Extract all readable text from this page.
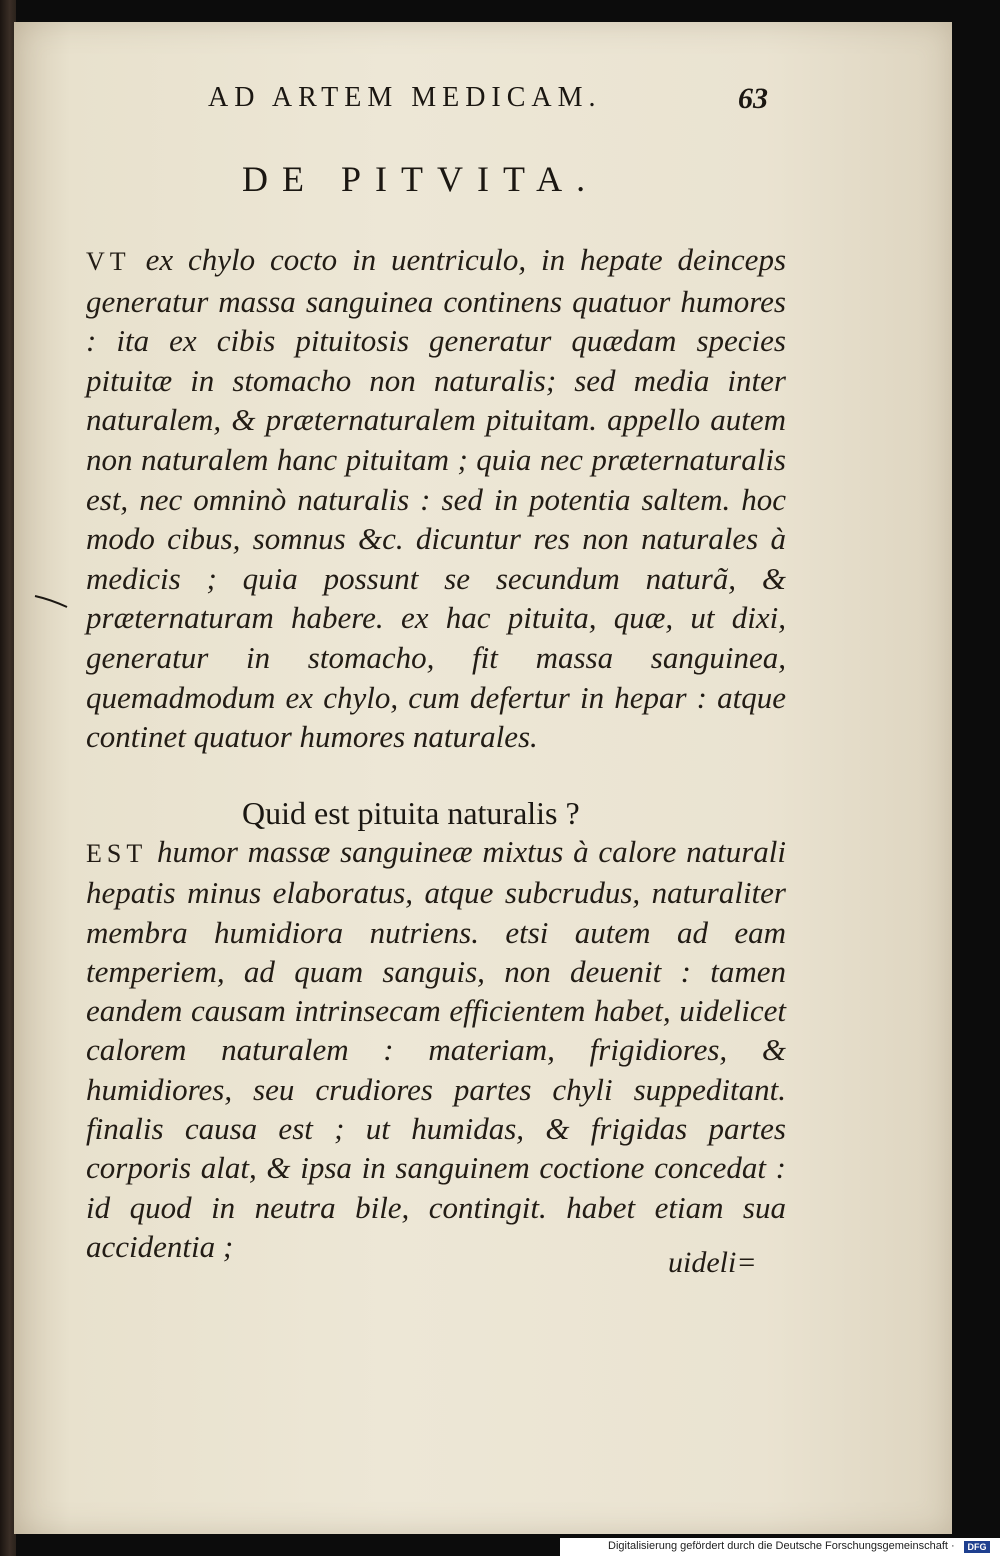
AD ARTEM MEDICAM.	63
DE PITVITA.
VT ex chylo cocto in uentriculo, in hepate deinceps generatur massa sanguinea continens quatuor humores : ita ex cibis pituitosis generatur quædam species pituitæ in stomacho non naturalis; sed media inter naturalem, & præternaturalem pituitam. appello autem non naturalem hanc pituitam ; quia nec præternaturalis est, nec omninò naturalis : sed in potentia saltem. hoc modo cibus, somnus &c. dicuntur res non naturales à medicis ; quia possunt se secundum naturã, & præternaturam habere. ex hac pituita, quæ, ut dixi, generatur in stomacho, fit massa sanguinea, quemadmodum ex chylo, cum defertur in hepar : atque continet quatuor humores naturales.
Quid est pituita naturalis ?
EST humor massæ sanguineæ mixtus à calore naturali hepatis minus elaboratus, atque subcrudus, naturaliter membra humidiora nutriens. etsi autem ad eam temperiem, ad quam sanguis, non deuenit : tamen eandem causam intrinsecam efficientem habet, uidelicet calorem naturalem : materiam, frigidiores, & humidiores, seu crudiores partes chyli suppeditant. finalis causa est ; ut humidas, & frigidas partes corporis alat, & ipsa in sanguinem coctione concedat : id quod in neutra bile, contingit. habet etiam sua accidentia ;	uideli=
Digitalisierung gefördert durch die Deutsche Forschungsgemeinschaft ·	DFG
